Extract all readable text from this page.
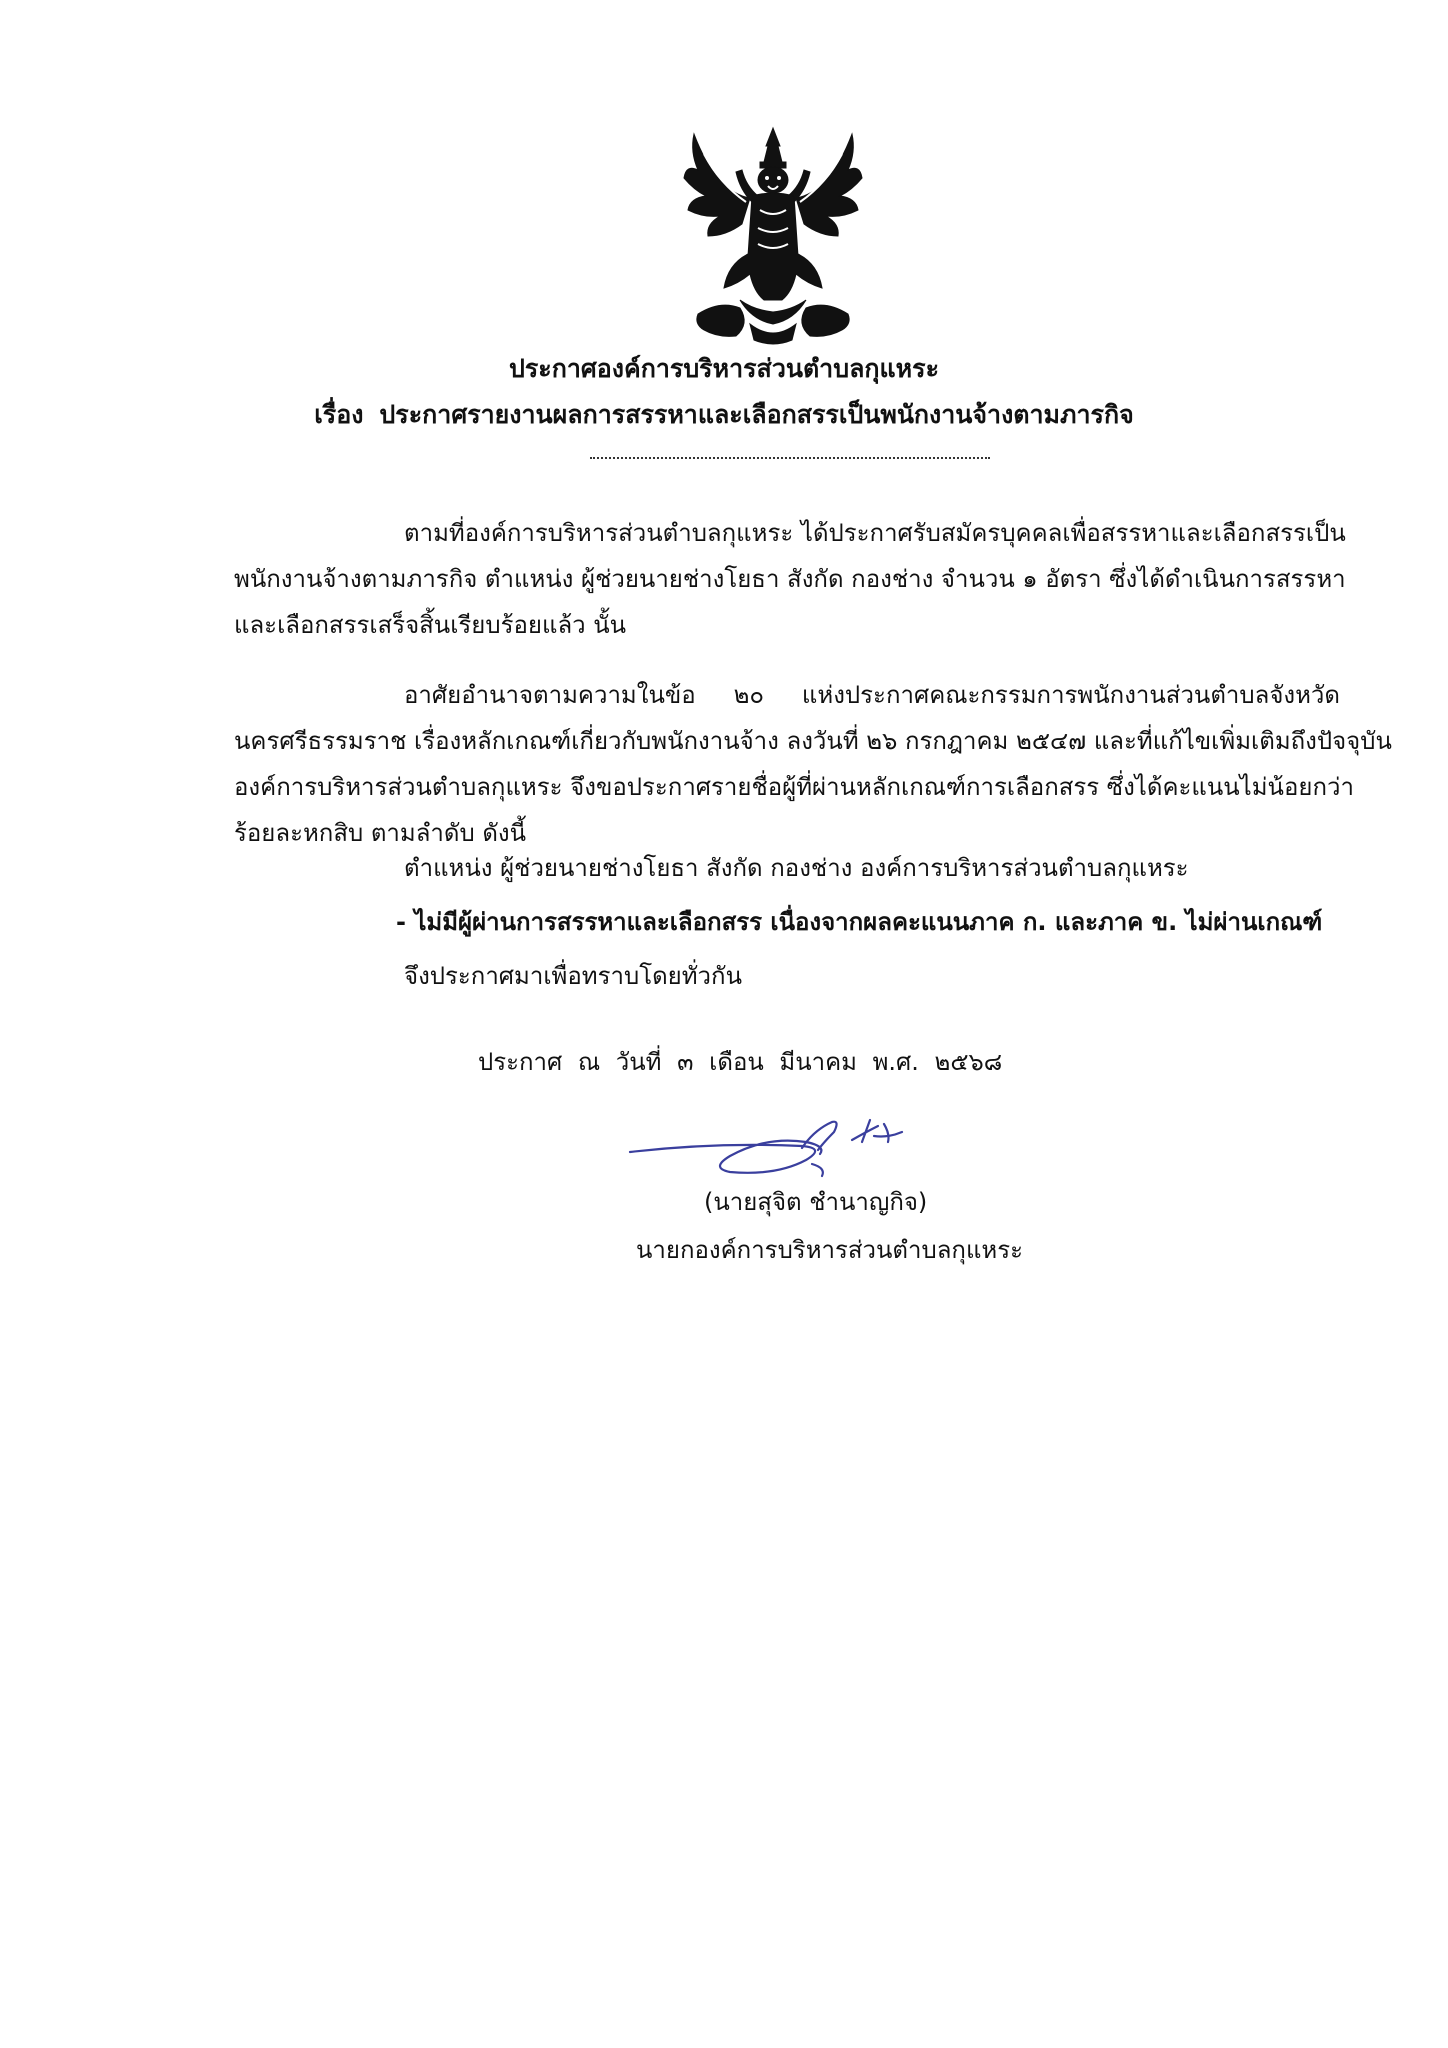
ประกาศองค์การบริหารส่วนตำบลกุแหระ
เรื่อง ประกาศรายงานผลการสรรหาและเลือกสรรเป็นพนักงานจ้างตามภารกิจ
ตามที่องค์การบริหารส่วนตำบลกุแหระ ได้ประกาศรับสมัครบุคคลเพื่อสรรหาและเลือกสรรเป็น
พนักงานจ้างตามภารกิจ ตำแหน่ง ผู้ช่วยนายช่างโยธา สังกัด กองช่าง จำนวน ๑ อัตรา ซึ่งได้ดำเนินการสรรหา
และเลือกสรรเสร็จสิ้นเรียบร้อยแล้ว นั้น
อาศัยอำนาจตามความในข้อ ๒๐ แห่งประกาศคณะกรรมการพนักงานส่วนตำบลจังหวัด
นครศรีธรรมราช เรื่องหลักเกณฑ์เกี่ยวกับพนักงานจ้าง ลงวันที่ ๒๖ กรกฎาคม ๒๕๔๗ และที่แก้ไขเพิ่มเติมถึงปัจจุบัน
องค์การบริหารส่วนตำบลกุแหระ จึงขอประกาศรายชื่อผู้ที่ผ่านหลักเกณฑ์การเลือกสรร ซึ่งได้คะแนนไม่น้อยกว่า
ร้อยละหกสิบ ตามลำดับ ดังนี้
ตำแหน่ง ผู้ช่วยนายช่างโยธา สังกัด กองช่าง องค์การบริหารส่วนตำบลกุแหระ
- ไม่มีผู้ผ่านการสรรหาและเลือกสรร เนื่องจากผลคะแนนภาค ก. และภาค ข. ไม่ผ่านเกณฑ์
จึงประกาศมาเพื่อทราบโดยทั่วกัน
ประกาศ ณ วันที่ ๓ เดือน มีนาคม พ.ศ. ๒๕๖๘
(นายสุจิต ชำนาญกิจ)
นายกองค์การบริหารส่วนตำบลกุแหระ
